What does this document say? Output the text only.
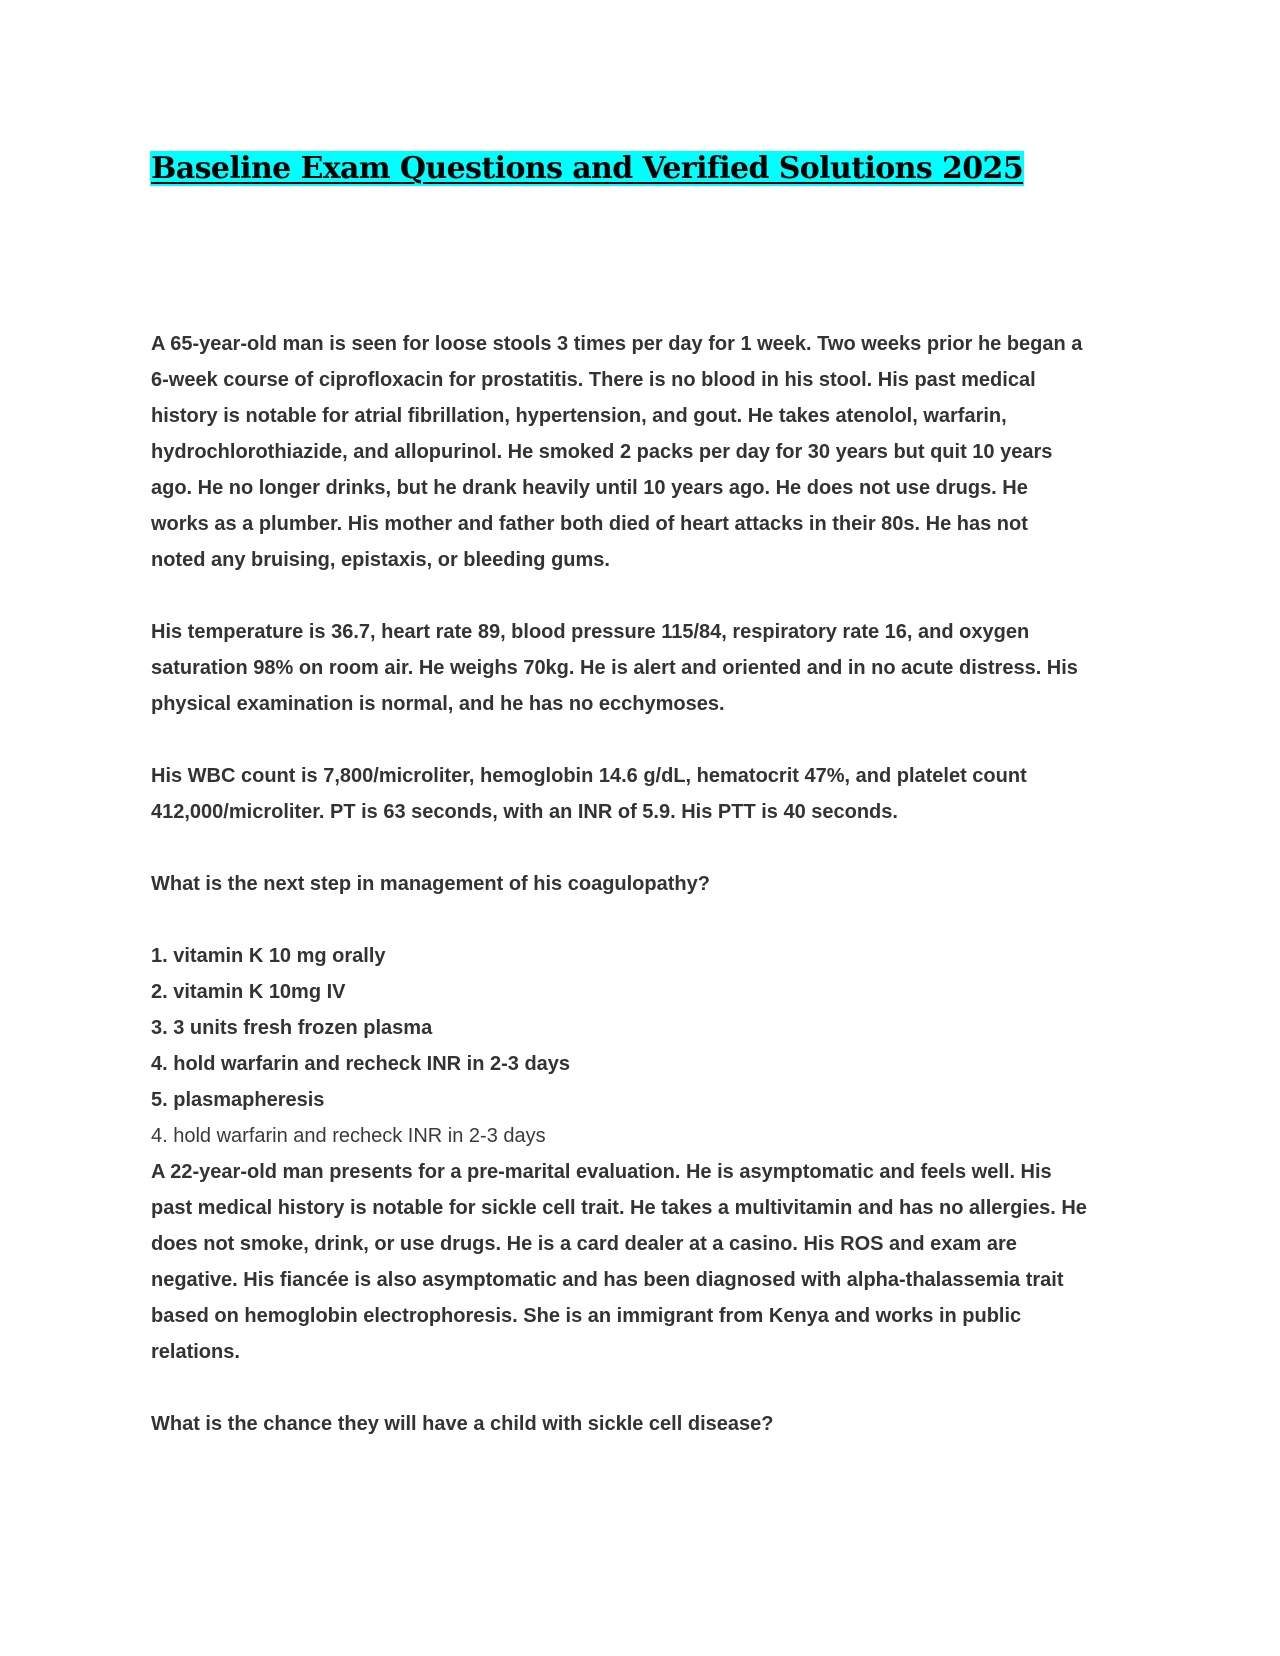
Baseline Exam Questions and Verified Solutions 2025

A 65-year-old man is seen for loose stools 3 times per day for 1 week. Two weeks prior he began a

6-week course of ciprofloxacin for prostatitis. There is no blood in his stool. His past medical

history is notable for atrial fibrillation, hypertension, and gout. He takes atenolol, warfarin,

hydrochlorothiazide, and allopurinol. He smoked 2 packs per day for 30 years but quit 10 years

ago. He no longer drinks, but he drank heavily until 10 years ago. He does not use drugs. He

works as a plumber. His mother and father both died of heart attacks in their 80s. He has not

noted any bruising, epistaxis, or bleeding gums.

His temperature is 36.7, heart rate 89, blood pressure 115/84, respiratory rate 16, and oxygen

saturation 98% on room air. He weighs 70kg. He is alert and oriented and in no acute distress. His

physical examination is normal, and he has no ecchymoses.

His WBC count is 7,800/microliter, hemoglobin 14.6 g/dL, hematocrit 47%, and platelet count

412,000/microliter. PT is 63 seconds, with an INR of 5.9. His PTT is 40 seconds.

What is the next step in management of his coagulopathy?

1. vitamin K 10 mg orally

2. vitamin K 10mg IV

3. 3 units fresh frozen plasma

4. hold warfarin and recheck INR in 2-3 days

5. plasmapheresis

4. hold warfarin and recheck INR in 2-3 days

A 22-year-old man presents for a pre-marital evaluation. He is asymptomatic and feels well. His

past medical history is notable for sickle cell trait. He takes a multivitamin and has no allergies. He

does not smoke, drink, or use drugs. He is a card dealer at a casino. His ROS and exam are

negative. His fiancée is also asymptomatic and has been diagnosed with alpha-thalassemia trait

based on hemoglobin electrophoresis. She is an immigrant from Kenya and works in public

relations.

What is the chance they will have a child with sickle cell disease?
